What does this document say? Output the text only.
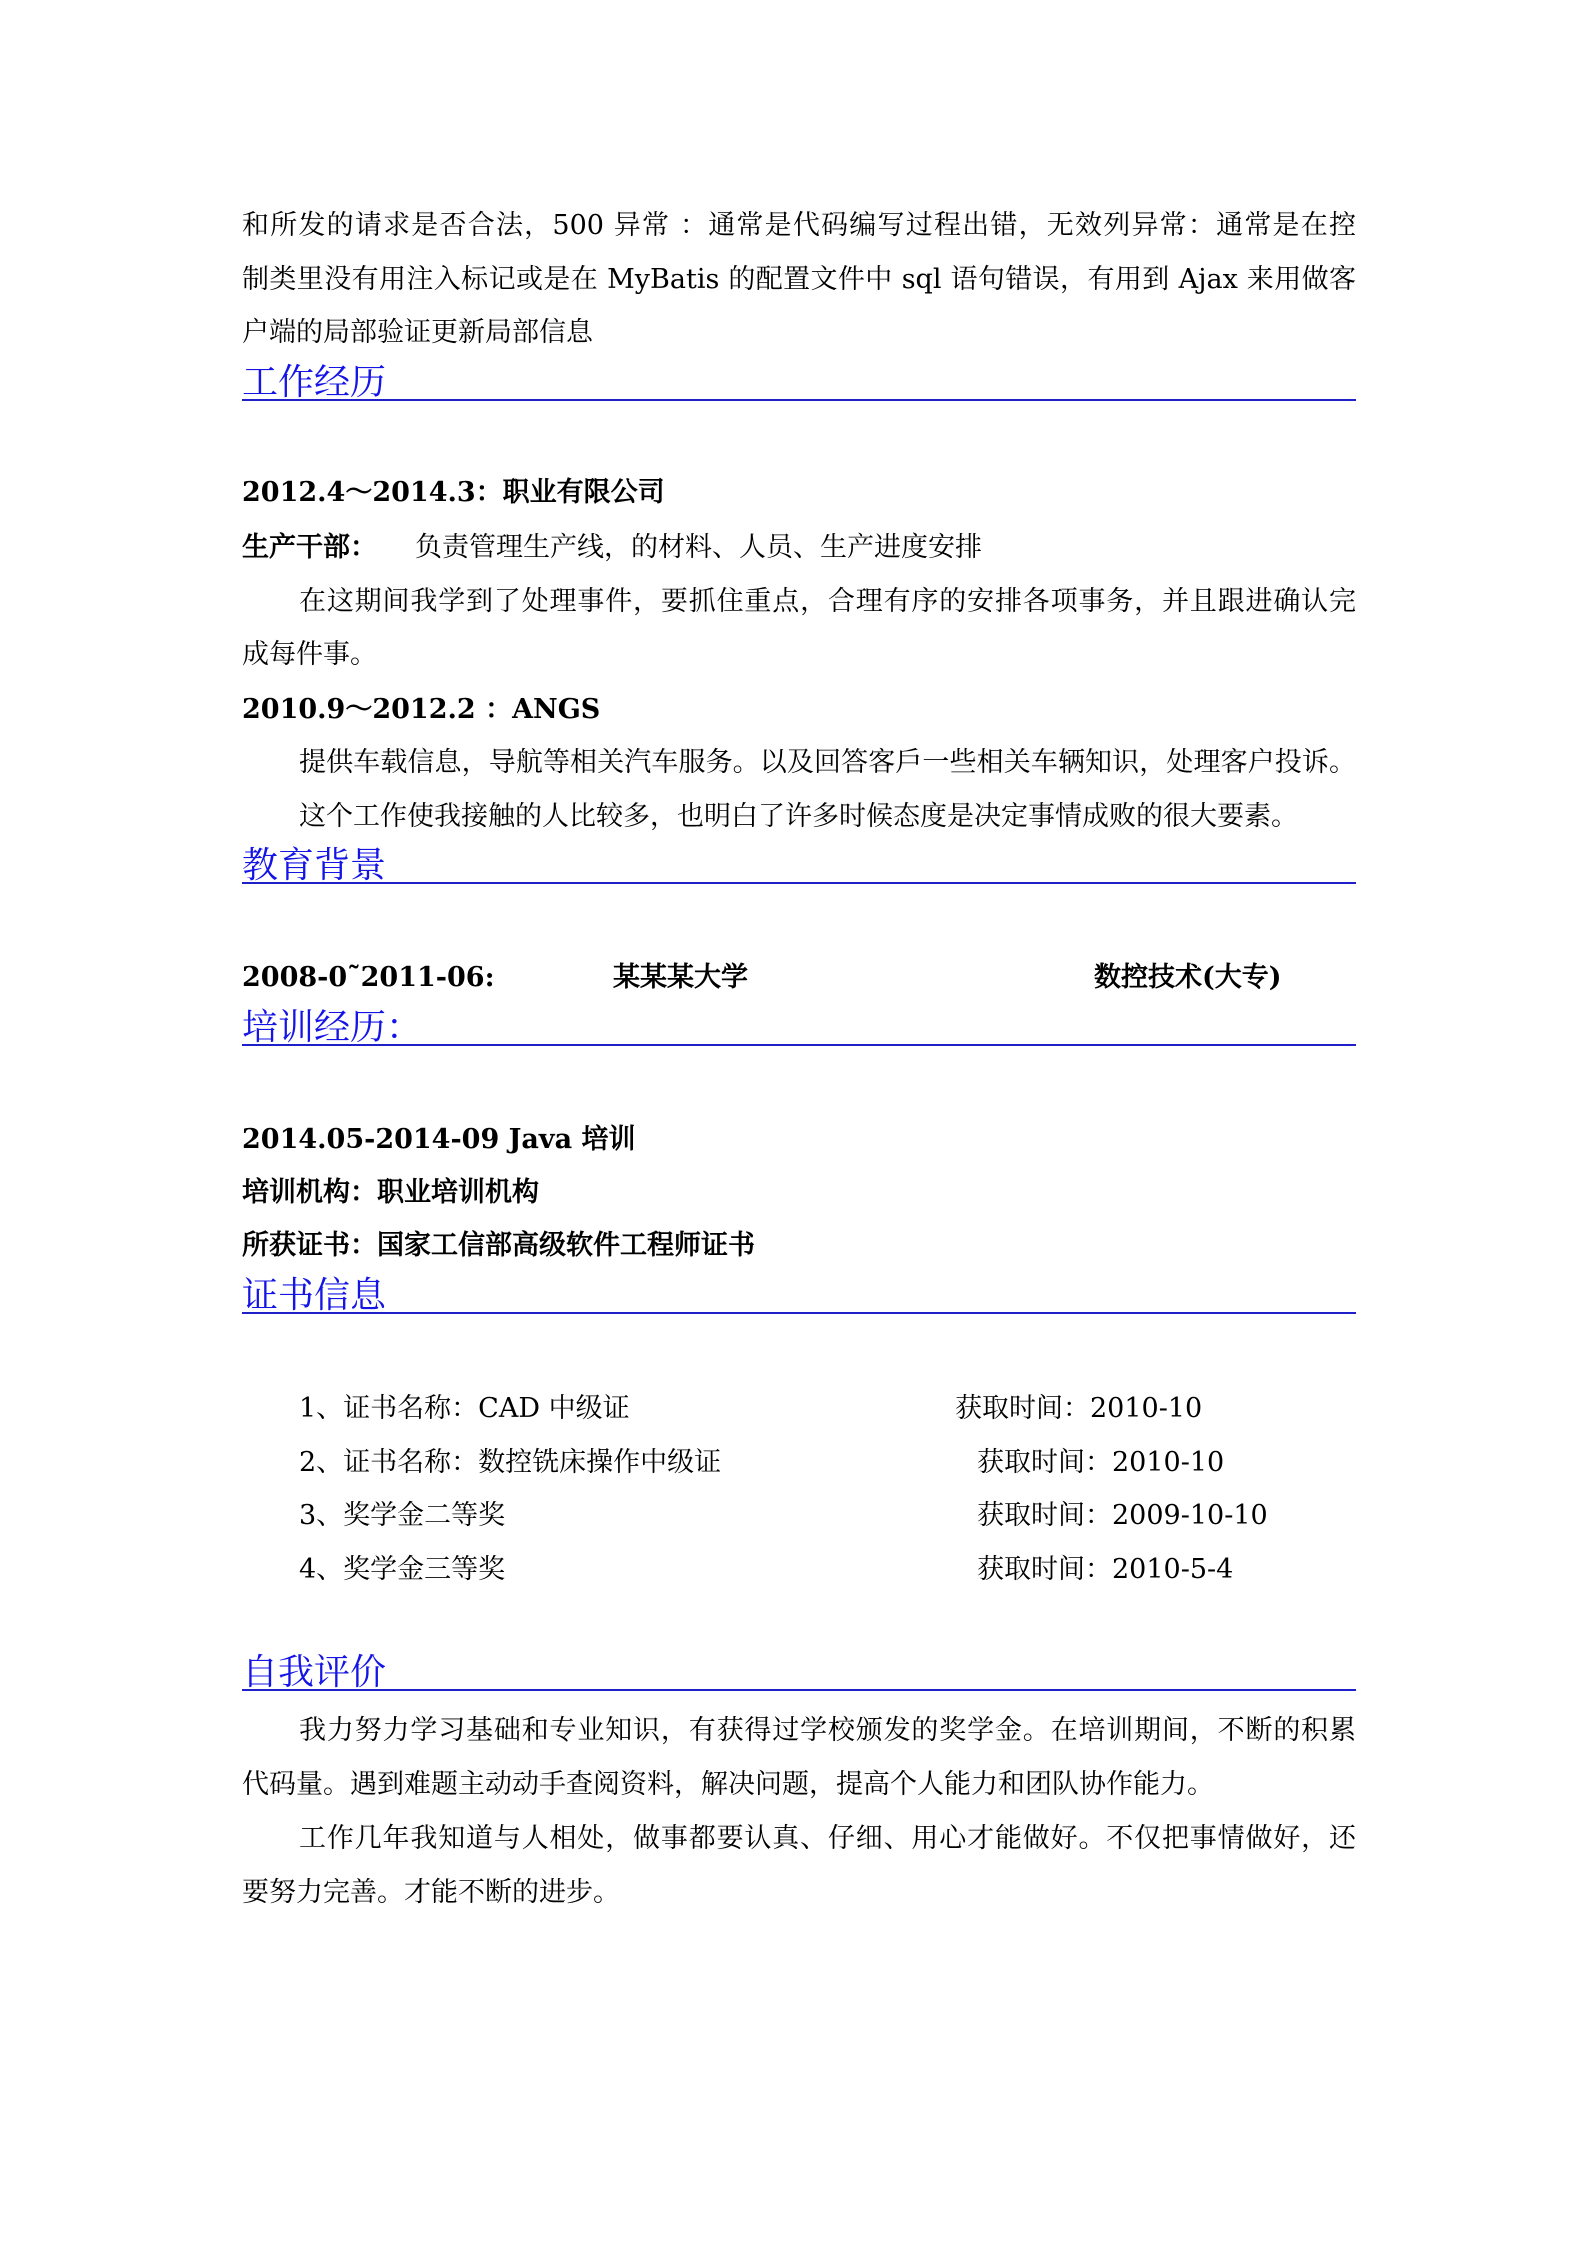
和所发的请求是否合法，500 异常 ：通常是代码编写过程出错，无效列异常：通常是在控
制类里没有用注入标记或是在 MyBatis 的配置文件中 sql 语句错误，有用到 Ajax 来用做客
户端的局部验证更新局部信息
工作经历
2012.4～2014.3：职业有限公司
生产干部：	负责管理生产线，的材料、人员、生产进度安排
在这期间我学到了处理事件，要抓住重点，合理有序的安排各项事务，并且跟进确认完
成每件事。
2010.9～2012.2 ：ANGS
提供车载信息，导航等相关汽车服务。以及回答客戶一些相关车辆知识，处理客户投诉。
这个工作使我接触的人比较多，也明白了许多时候态度是决定事情成败的很大要素。
教育背景
2008-0˜2011-06:	某某某大学	数控技术(大专)
培训经历：
2014.05-2014-09 Java 培训
培训机构：职业培训机构
所获证书：国家工信部高级软件工程师证书
证书信息
1、证书名称：CAD 中级证	获取时间：2010-10
2、证书名称：数控铣床操作中级证	获取时间：2010-10
3、奖学金二等奖	获取时间：2009-10-10
4、奖学金三等奖	获取时间：2010-5-4
自我评价
我力努力学习基础和专业知识，有获得过学校颁发的奖学金。在培训期间，不断的积累
代码量。遇到难题主动动手查阅资料，解决问题，提高个人能力和团队协作能力。
工作几年我知道与人相处，做事都要认真、仔细、用心才能做好。不仅把事情做好，还
要努力完善。才能不断的进步。
